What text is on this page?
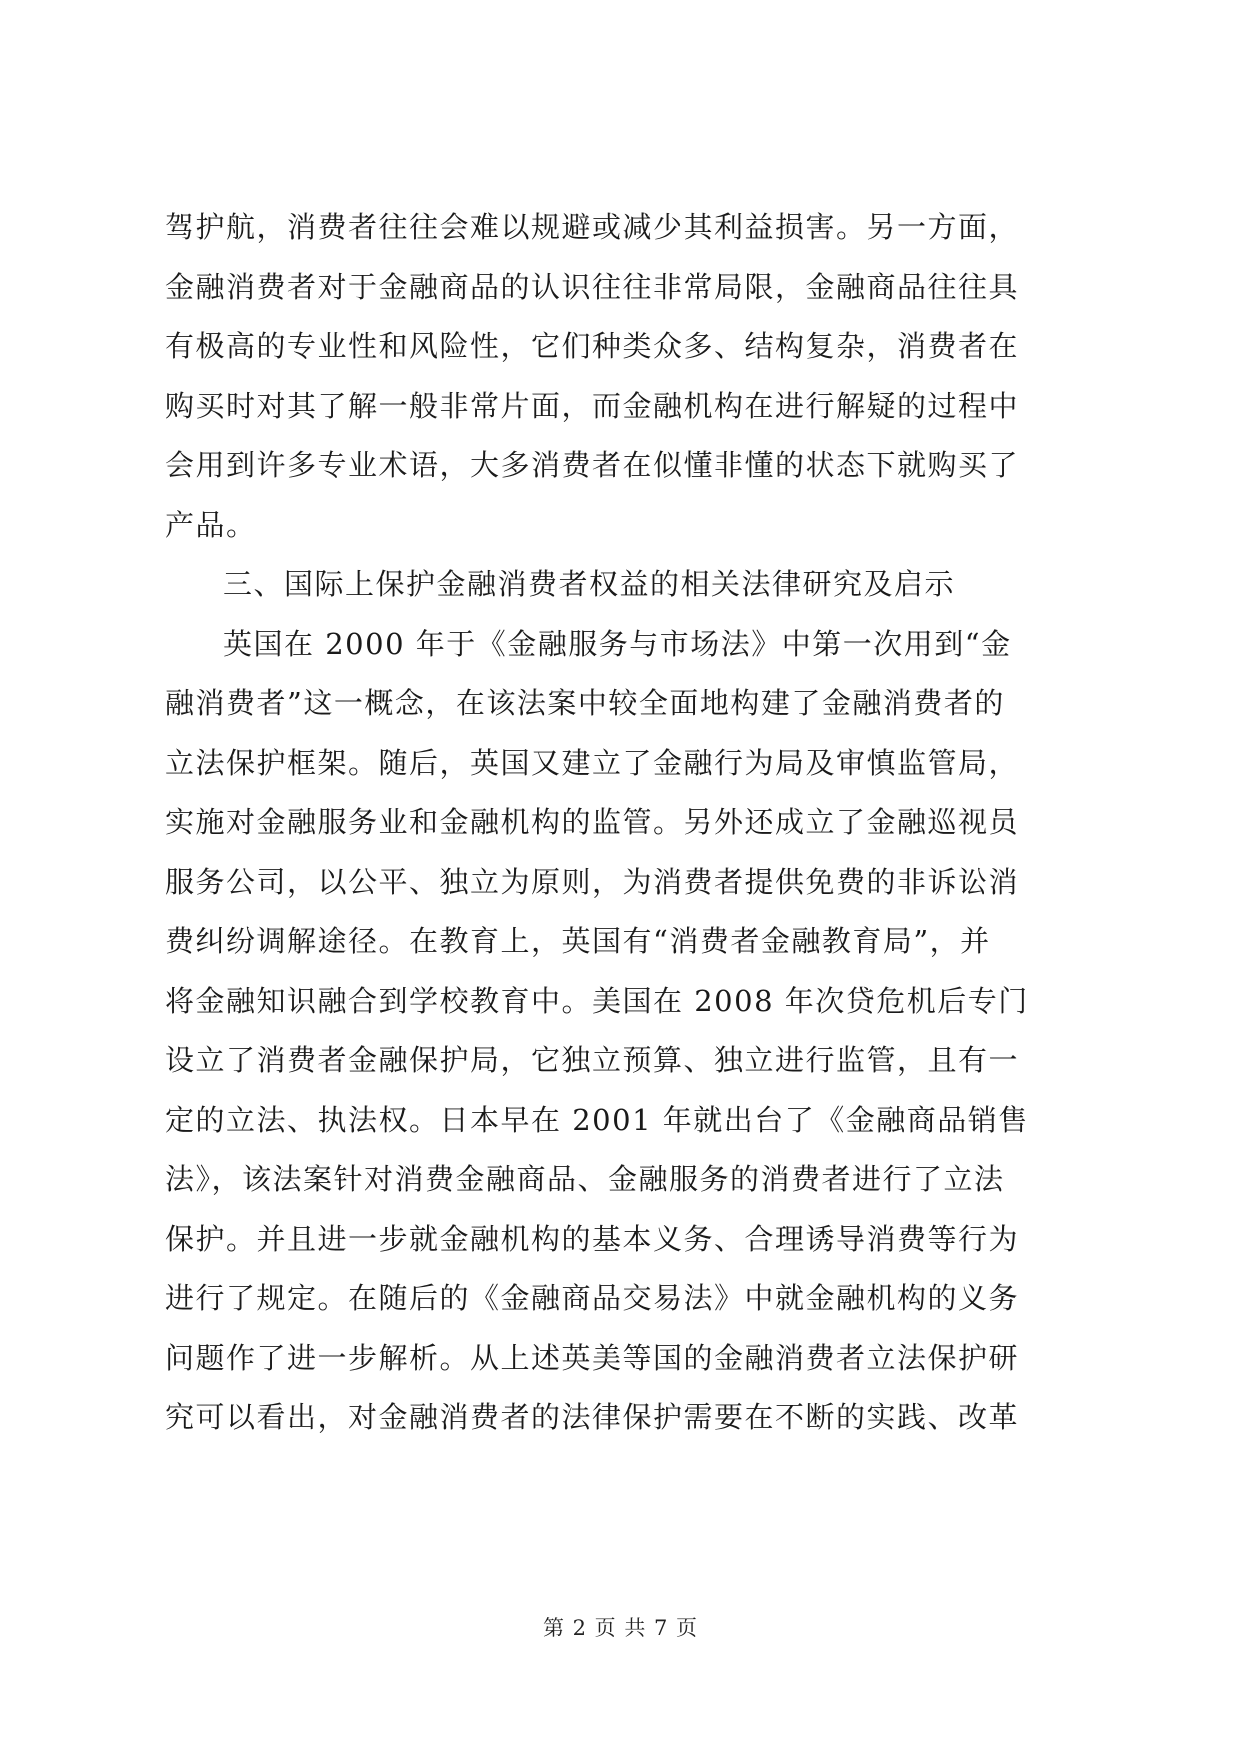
驾护航，消费者往往会难以规避或减少其利益损害。另一方面，
金融消费者对于金融商品的认识往往非常局限，金融商品往往具
有极高的专业性和风险性，它们种类众多、结构复杂，消费者在
购买时对其了解一般非常片面，而金融机构在进行解疑的过程中
会用到许多专业术语，大多消费者在似懂非懂的状态下就购买了
产品。
三、国际上保护金融消费者权益的相关法律研究及启示
英国在 2000 年于《金融服务与市场法》中第一次用到“金
融消费者”这一概念，在该法案中较全面地构建了金融消费者的
立法保护框架。随后，英国又建立了金融行为局及审慎监管局，
实施对金融服务业和金融机构的监管。另外还成立了金融巡视员
服务公司，以公平、独立为原则，为消费者提供免费的非诉讼消
费纠纷调解途径。在教育上，英国有“消费者金融教育局”，并
将金融知识融合到学校教育中。美国在 2008 年次贷危机后专门
设立了消费者金融保护局，它独立预算、独立进行监管，且有一
定的立法、执法权。日本早在 2001 年就出台了《金融商品销售
法》，该法案针对消费金融商品、金融服务的消费者进行了立法
保护。并且进一步就金融机构的基本义务、合理诱导消费等行为
进行了规定。在随后的《金融商品交易法》中就金融机构的义务
问题作了进一步解析。从上述英美等国的金融消费者立法保护研
究可以看出，对金融消费者的法律保护需要在不断的实践、改革
第 2 页 共 7 页
